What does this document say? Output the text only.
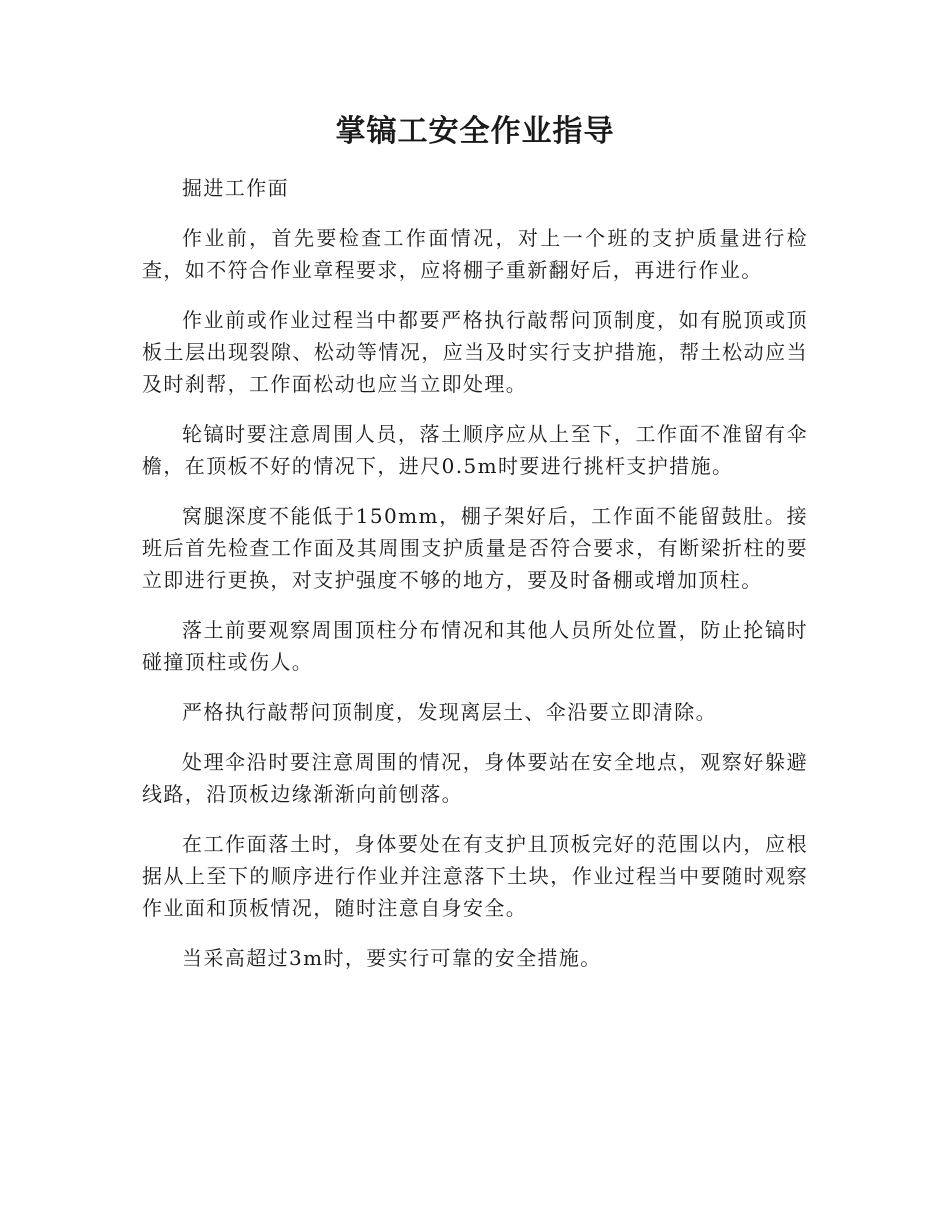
掌镐工安全作业指导

掘进工作面

作业前，首先要检查工作面情况，对上一个班的支护质量进行检查，如不符合作业章程要求，应将棚子重新翻好后，再进行作业。

作业前或作业过程当中都要严格执行敲帮问顶制度，如有脱顶或顶板土层出现裂隙、松动等情况，应当及时实行支护措施，帮土松动应当及时刹帮，工作面松动也应当立即处理。

轮镐时要注意周围人员，落土顺序应从上至下，工作面不准留有伞檐，在顶板不好的情况下，进尺0.5m时要进行挑杆支护措施。

窝腿深度不能低于150mm，棚子架好后，工作面不能留鼓肚。接班后首先检查工作面及其周围支护质量是否符合要求，有断梁折柱的要立即进行更换，对支护强度不够的地方，要及时备棚或增加顶柱。

落土前要观察周围顶柱分布情况和其他人员所处位置，防止抡镐时碰撞顶柱或伤人。

严格执行敲帮问顶制度，发现离层土、伞沿要立即清除。

处理伞沿时要注意周围的情况，身体要站在安全地点，观察好躲避线路，沿顶板边缘渐渐向前刨落。

在工作面落土时，身体要处在有支护且顶板完好的范围以内，应根据从上至下的顺序进行作业并注意落下土块，作业过程当中要随时观察作业面和顶板情况，随时注意自身安全。

当采高超过3m时，要实行可靠的安全措施。
